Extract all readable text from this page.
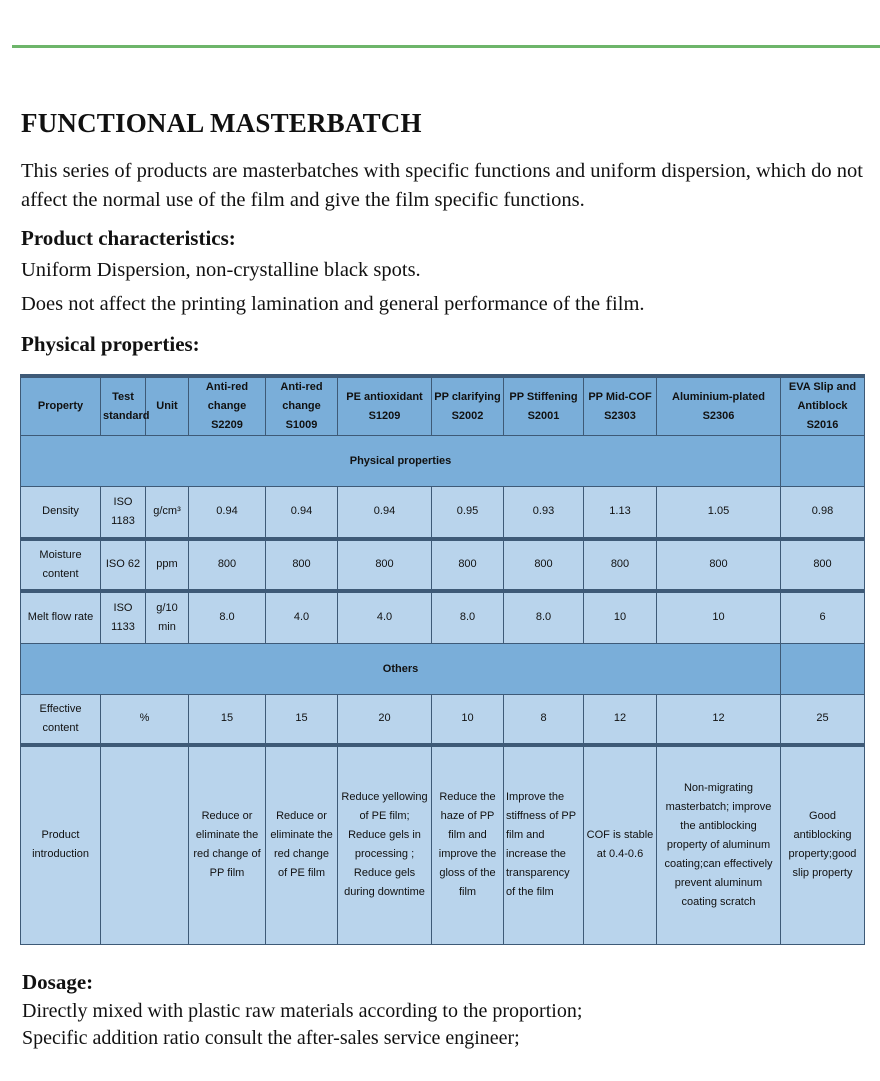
FUNCTIONAL MASTERBATCH
This series of products are masterbatches with specific functions and uniform dispersion, which do not affect the normal use of the film and give the film specific functions.
Product characteristics:
Uniform Dispersion, non-crystalline black spots.
Does not affect the printing lamination and general performance of the film.
Physical properties:
Property	Test standard	Unit	Anti-red change S2209	Anti-red change S1009	PE antioxidant S1209	PP clarifying S2002	PP Stiffening S2001	PP Mid-COF S2303	Aluminium-plated S2306	EVA Slip and Antiblock S2016
Physical properties										
Density	ISO 1183	g/cm³	0.94	0.94	0.94	0.95	0.93	1.13	1.05	0.98
Moisture content	ISO 62	ppm	800	800	800	800	800	800	800	800
Melt flow rate	ISO 1133	g/10 min	8.0	4.0	4.0	8.0	8.0	10	10	6
Others										
Effective content	%		15	15	20	10	8	12	12	25
Product introduction			Reduce or eliminate the red change of PP film	Reduce or eliminate the red change of PE film	Reduce yellowing of PE film; Reduce gels in processing ; Reduce gels during downtime	Reduce the haze of PP film and improve the gloss of the film	Improve the stiffness of PP film and increase the transparency of the film	COF is stable at 0.4-0.6	Non-migrating masterbatch; improve the antiblocking property of aluminum coating;can effectively prevent aluminum coating scratch	Good antiblocking property;good slip property
Dosage:
Directly mixed with plastic raw materials according to the proportion;
Specific addition ratio consult the after-sales service engineer;
